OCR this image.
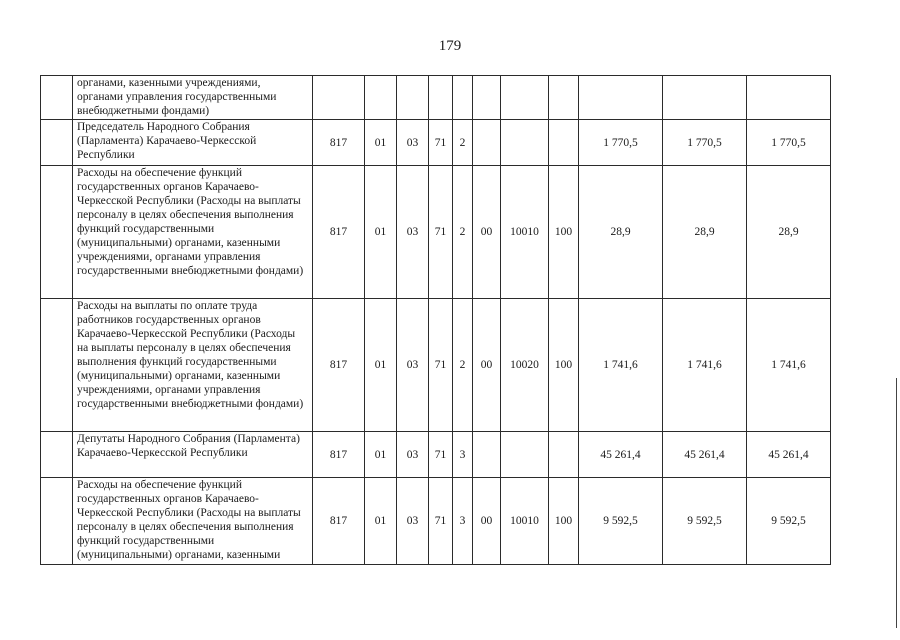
179
	органами, казенными учреждениями, органами управления государственными внебюджетными фондами)											
	Председатель Народного Собрания (Парламента) Карачаево-Черкесской Республики	817	01	03	71	2				1 770,5	1 770,5	1 770,5
	Расходы на обеспечение функций государственных органов Карачаево-Черкесской Республики (Расходы на выплаты персоналу в целях обеспечения выполнения функций государственными (муниципальными) органами, казенными учреждениями, органами управления государственными внебюджетными фондами)	817	01	03	71	2	00	10010	100	28,9	28,9	28,9
	Расходы на выплаты по оплате труда работников государственных органов Карачаево-Черкесской Республики (Расходы на выплаты персоналу в целях обеспечения выполнения функций государственными (муниципальными) органами, казенными учреждениями, органами управления государственными внебюджетными фондами)	817	01	03	71	2	00	10020	100	1 741,6	1 741,6	1 741,6
	Депутаты Народного Собрания (Парламента) Карачаево-Черкесской Республики	817	01	03	71	3				45 261,4	45 261,4	45 261,4
	Расходы на обеспечение функций государственных органов Карачаево-Черкесской Республики (Расходы на выплаты персоналу в целях обеспечения выполнения функций государственными (муниципальными) органами, казенными	817	01	03	71	3	00	10010	100	9 592,5	9 592,5	9 592,5
